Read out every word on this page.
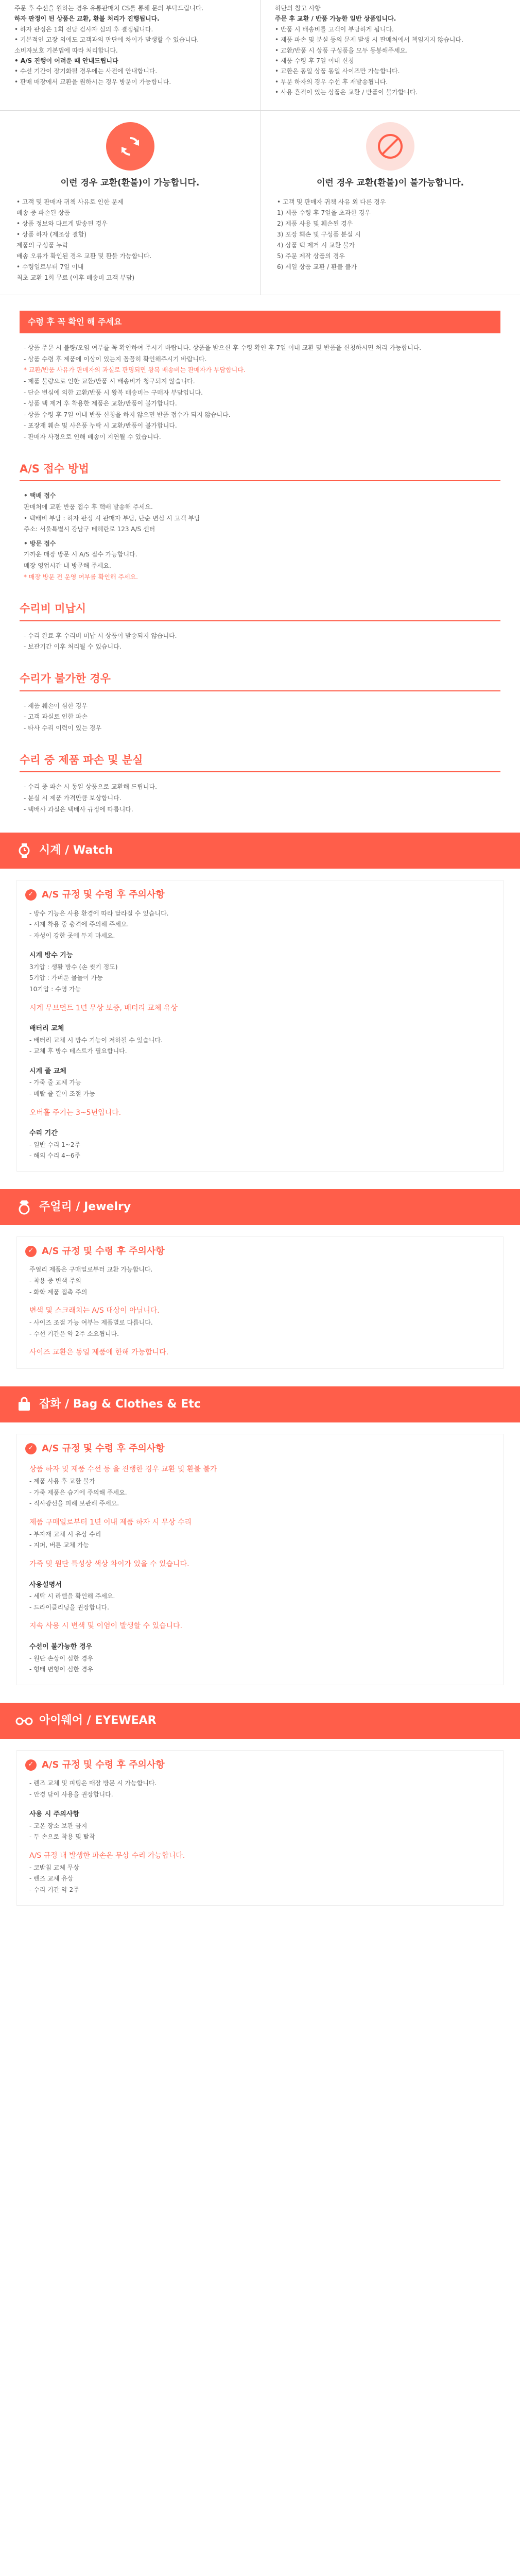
주문 후 수선을 원하는 경우 유통판매처 CS를 통해 문의 부탁드립니다.

하자 판정이 된 상품은 교환, 환불 처리가 진행됩니다.

• 하자 판정은 1회 전담 검사자 심의 후 결정됩니다.

• 기본적인 고장 외에도 고객과의 판단에 차이가 발생할 수 있습니다.

소비자보호 기본법에 따라 처리합니다.

• A/S 진행이 어려운 때 안내드립니다

• 수선 기간이 장기화될 경우에는 사전에 안내합니다.

• 판매 매장에서 교환을 원하시는 경우 방문이 가능합니다.

하단의 참고 사항

주문 후 교환 / 반품 가능한 일반 상품입니다.

• 반품 시 배송비를 고객이 부담하게 됩니다.

• 제품 파손 및 분실 등의 문제 발생 시 판매처에서 책임지지 않습니다.

• 교환/반품 시 상품 구성품을 모두 동봉해주세요.

• 제품 수령 후 7일 이내 신청

• 교환은 동일 상품 동일 사이즈만 가능합니다.

• 부분 하자의 경우 수선 후 재발송됩니다.

• 사용 흔적이 있는 상품은 교환 / 반품이 불가합니다.

이런 경우 교환(환불)이 가능합니다.

• 고객 및 판매자 귀책 사유로 인한 문제

배송 중 파손된 상품

• 상품 정보와 다르게 발송된 경우

• 상품 하자 (제조상 결함)

제품의 구성품 누락

배송 오류가 확인된 경우 교환 및 환불 가능합니다.

• 수령일로부터 7일 이내

최초 교환 1회 무료 (이후 배송비 고객 부담)

이런 경우 교환(환불)이 불가능합니다.

• 고객 및 판매자 귀책 사유 외 다른 경우

1) 제품 수령 후 7일을 초과한 경우

2) 제품 사용 및 훼손된 경우

3) 포장 훼손 및 구성품 분실 시

4) 상품 택 제거 시 교환 불가

5) 주문 제작 상품의 경우

6) 세일 상품 교환 / 환불 불가

수령 후 꼭 확인 해 주세요

- 상품 주문 시 불량/오염 여부를 꼭 확인하여 주시기 바랍니다. 상품을 받으신 후 수령 확인 후 7일 이내 교환 및 반품을 신청하시면 처리 가능합니다.

- 상품 수령 후 제품에 이상이 있는지 꼼꼼히 확인해주시기 바랍니다.

* 교환/반품 사유가 판매자의 과실로 판명되면 왕복 배송비는 판매자가 부담합니다.

- 제품 불량으로 인한 교환/반품 시 배송비가 청구되지 않습니다.

- 단순 변심에 의한 교환/반품 시 왕복 배송비는 구매자 부담입니다.

- 상품 택 제거 후 착용한 제품은 교환/반품이 불가합니다.

- 상품 수령 후 7일 이내 반품 신청을 하지 않으면 반품 접수가 되지 않습니다.

- 포장재 훼손 및 사은품 누락 시 교환/반품이 불가합니다.

- 판매자 사정으로 인해 배송이 지연될 수 있습니다.

A/S 접수 방법

• 택배 접수

판매처에 교환 반품 접수 후 택배 발송해 주세요.

• 택배비 부담 : 하자 판정 시 판매자 부담, 단순 변심 시 고객 부담

주소: 서울특별시 강남구 테헤란로 123 A/S 센터

• 방문 접수

가까운 매장 방문 시 A/S 접수 가능합니다.

매장 영업시간 내 방문해 주세요.

* 매장 방문 전 운영 여부를 확인해 주세요.

수리비 미납시

- 수리 완료 후 수리비 미납 시 상품이 발송되지 않습니다.

- 보관기간 이후 처리될 수 있습니다.

수리가 불가한 경우

- 제품 훼손이 심한 경우

- 고객 과실로 인한 파손

- 타사 수리 이력이 있는 경우

수리 중 제품 파손 및 분실

- 수리 중 파손 시 동일 상품으로 교환해 드립니다.

- 분실 시 제품 가격만큼 보상합니다.

- 택배사 과실은 택배사 규정에 따릅니다.

시계 / Watch
✓ A/S 규정 및 수령 후 주의사항

- 방수 기능은 사용 환경에 따라 달라질 수 있습니다.

- 시계 착용 중 충격에 주의해 주세요.

- 자성이 강한 곳에 두지 마세요.

시계 방수 기능

3기압 : 생활 방수 (손 씻기 정도)

5기압 : 가벼운 물놀이 가능

10기압 : 수영 가능

시계 무브먼트 1년 무상 보증, 배터리 교체 유상

배터리 교체

- 배터리 교체 시 방수 기능이 저하될 수 있습니다.

- 교체 후 방수 테스트가 필요합니다.

시계 줄 교체

- 가죽 줄 교체 가능

- 메탈 줄 길이 조절 가능

오버홀 주기는 3~5년입니다.

수리 기간

- 일반 수리 1~2주

- 해외 수리 4~6주

주얼리 / Jewelry
✓ A/S 규정 및 수령 후 주의사항

주얼리 제품은 구매일로부터 교환 가능합니다.

- 착용 중 변색 주의

- 화학 제품 접촉 주의

변색 및 스크래치는 A/S 대상이 아닙니다.

- 사이즈 조절 가능 여부는 제품별로 다릅니다.

- 수선 기간은 약 2주 소요됩니다.

사이즈 교환은 동일 제품에 한해 가능합니다.

잡화 / Bag & Clothes & Etc
✓ A/S 규정 및 수령 후 주의사항

상품 하자 및 제품 수선 등 을 진행한 경우 교환 및 환불 불가

- 제품 사용 후 교환 불가

- 가죽 제품은 습기에 주의해 주세요.

- 직사광선을 피해 보관해 주세요.

제품 구매일로부터 1년 이내 제품 하자 시 무상 수리

- 부자재 교체 시 유상 수리

- 지퍼, 버튼 교체 가능

가죽 및 원단 특성상 색상 차이가 있을 수 있습니다.

사용설명서

- 세탁 시 라벨을 확인해 주세요.

- 드라이클리닝을 권장합니다.

지속 사용 시 변색 및 이염이 발생할 수 있습니다.

수선이 불가능한 경우

- 원단 손상이 심한 경우

- 형태 변형이 심한 경우

아이웨어 / EYEWEAR
✓ A/S 규정 및 수령 후 주의사항

- 렌즈 교체 및 피팅은 매장 방문 시 가능합니다.

- 안경 닦이 사용을 권장합니다.

사용 시 주의사항

- 고온 장소 보관 금지

- 두 손으로 착용 및 탈착

A/S 규정 내 발생한 파손은 무상 수리 가능합니다.

- 코받침 교체 무상

- 렌즈 교체 유상

- 수리 기간 약 2주
